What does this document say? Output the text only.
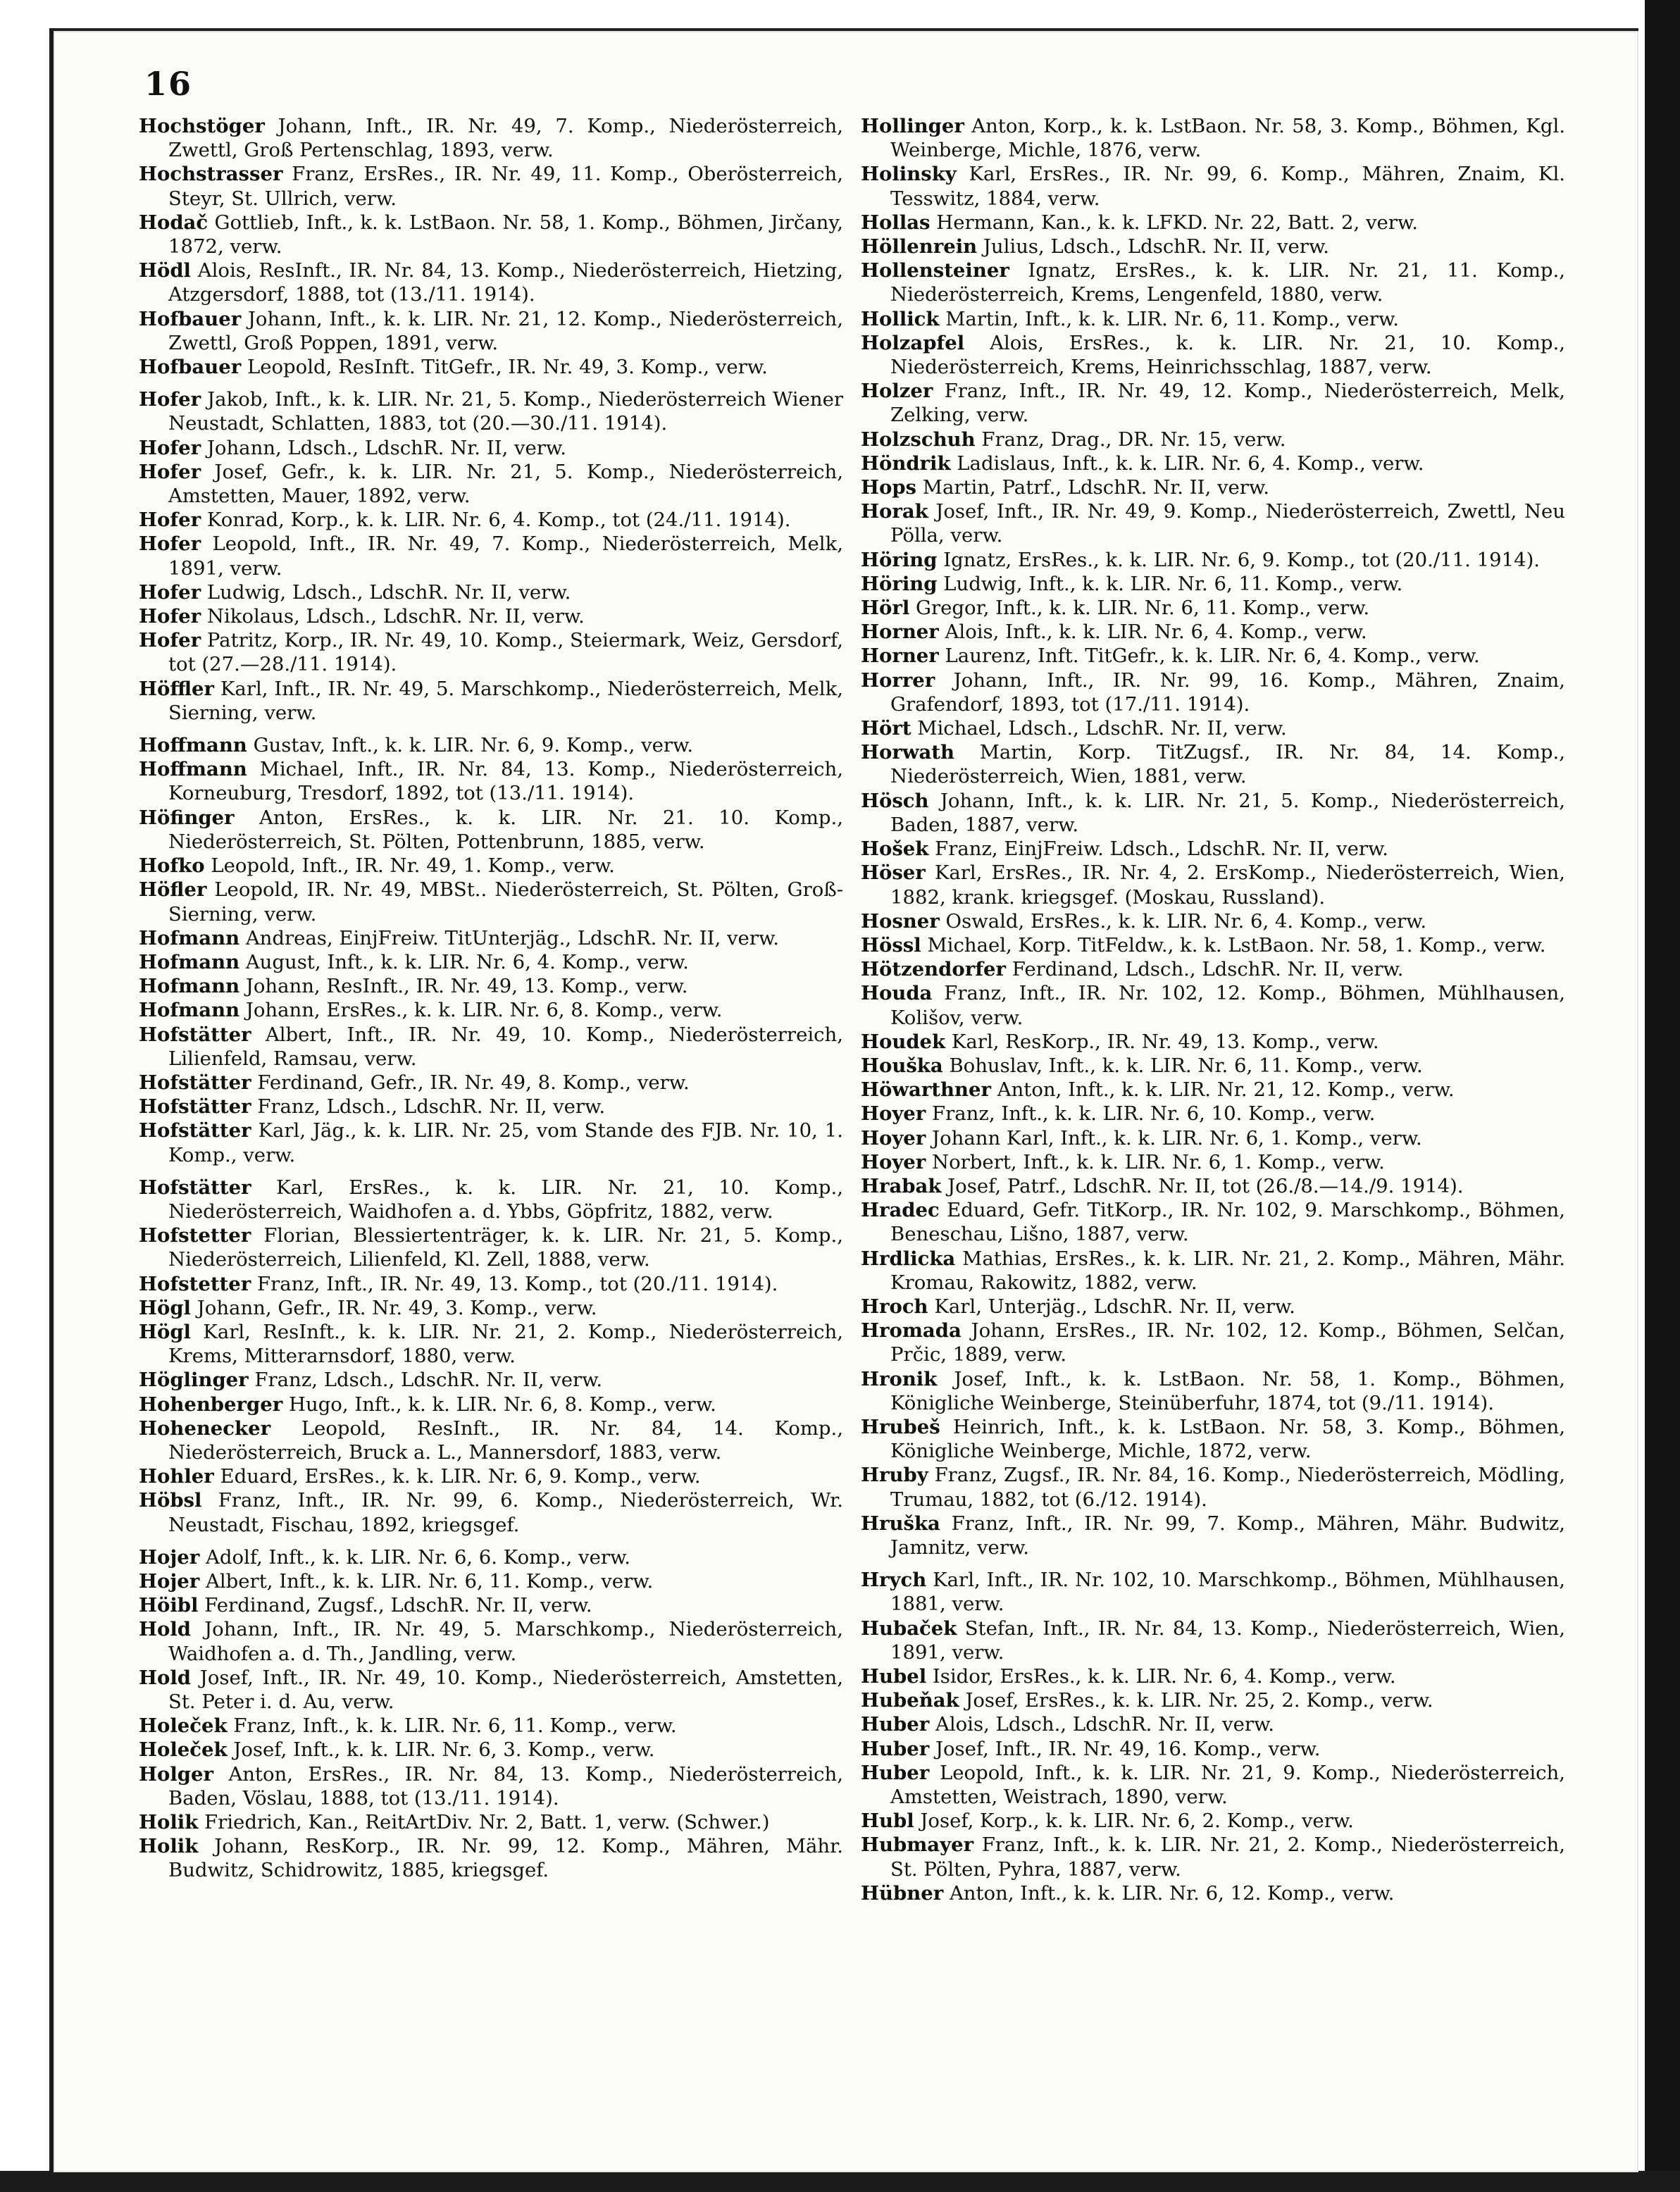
16

Hochstöger Johann, Inft., IR. Nr. 49, 7. Komp., Niederösterreich, Zwettl, Groß Pertenschlag, 1893, verw.

Hochstrasser Franz, ErsRes., IR. Nr. 49, 11. Komp., Oberösterreich, Steyr, St. Ullrich, verw.

Hodač Gottlieb, Inft., k. k. LstBaon. Nr. 58, 1. Komp., Böhmen, Jirčany, 1872, verw.

Hödl Alois, ResInft., IR. Nr. 84, 13. Komp., Niederösterreich, Hietzing, Atzgersdorf, 1888, tot (13./11. 1914).

Hofbauer Johann, Inft., k. k. LIR. Nr. 21, 12. Komp., Niederösterreich, Zwettl, Groß Poppen, 1891, verw.

Hofbauer Leopold, ResInft. TitGefr., IR. Nr. 49, 3. Komp., verw.

Hofer Jakob, Inft., k. k. LIR. Nr. 21, 5. Komp., Niederösterreich Wiener Neustadt, Schlatten, 1883, tot (20.—30./11. 1914).

Hofer Johann, Ldsch., LdschR. Nr. II, verw.

Hofer Josef, Gefr., k. k. LIR. Nr. 21, 5. Komp., Niederösterreich, Amstetten, Mauer, 1892, verw.

Hofer Konrad, Korp., k. k. LIR. Nr. 6, 4. Komp., tot (24./11. 1914).

Hofer Leopold, Inft., IR. Nr. 49, 7. Komp., Niederösterreich, Melk, 1891, verw.

Hofer Ludwig, Ldsch., LdschR. Nr. II, verw.

Hofer Nikolaus, Ldsch., LdschR. Nr. II, verw.

Hofer Patritz, Korp., IR. Nr. 49, 10. Komp., Steiermark, Weiz, Gersdorf, tot (27.—28./11. 1914).

Höffler Karl, Inft., IR. Nr. 49, 5. Marschkomp., Niederösterreich, Melk, Sierning, verw.

Hoffmann Gustav, Inft., k. k. LIR. Nr. 6, 9. Komp., verw.

Hoffmann Michael, Inft., IR. Nr. 84, 13. Komp., Niederösterreich, Korneuburg, Tresdorf, 1892, tot (13./11. 1914).

Höfinger Anton, ErsRes., k. k. LIR. Nr. 21. 10. Komp., Niederösterreich, St. Pölten, Pottenbrunn, 1885, verw.

Hofko Leopold, Inft., IR. Nr. 49, 1. Komp., verw.

Höfler Leopold, IR. Nr. 49, MBSt.. Niederösterreich, St. Pölten, Groß-Sierning, verw.

Hofmann Andreas, EinjFreiw. TitUnterjäg., LdschR. Nr. II, verw.

Hofmann August, Inft., k. k. LIR. Nr. 6, 4. Komp., verw.

Hofmann Johann, ResInft., IR. Nr. 49, 13. Komp., verw.

Hofmann Johann, ErsRes., k. k. LIR. Nr. 6, 8. Komp., verw.

Hofstätter Albert, Inft., IR. Nr. 49, 10. Komp., Niederösterreich, Lilienfeld, Ramsau, verw.

Hofstätter Ferdinand, Gefr., IR. Nr. 49, 8. Komp., verw.

Hofstätter Franz, Ldsch., LdschR. Nr. II, verw.

Hofstätter Karl, Jäg., k. k. LIR. Nr. 25, vom Stande des FJB. Nr. 10, 1. Komp., verw.

Hofstätter Karl, ErsRes., k. k. LIR. Nr. 21, 10. Komp., Niederösterreich, Waidhofen a. d. Ybbs, Göpfritz, 1882, verw.

Hofstetter Florian, Blessiertenträger, k. k. LIR. Nr. 21, 5. Komp., Niederösterreich, Lilienfeld, Kl. Zell, 1888, verw.

Hofstetter Franz, Inft., IR. Nr. 49, 13. Komp., tot (20./11. 1914).

Högl Johann, Gefr., IR. Nr. 49, 3. Komp., verw.

Högl Karl, ResInft., k. k. LIR. Nr. 21, 2. Komp., Niederösterreich, Krems, Mitterarnsdorf, 1880, verw.

Höglinger Franz, Ldsch., LdschR. Nr. II, verw.

Hohenberger Hugo, Inft., k. k. LIR. Nr. 6, 8. Komp., verw.

Hohenecker Leopold, ResInft., IR. Nr. 84, 14. Komp., Niederösterreich, Bruck a. L., Mannersdorf, 1883, verw.

Hohler Eduard, ErsRes., k. k. LIR. Nr. 6, 9. Komp., verw.

Höbsl Franz, Inft., IR. Nr. 99, 6. Komp., Niederösterreich, Wr. Neustadt, Fischau, 1892, kriegsgef.

Hojer Adolf, Inft., k. k. LIR. Nr. 6, 6. Komp., verw.

Hojer Albert, Inft., k. k. LIR. Nr. 6, 11. Komp., verw.

Höibl Ferdinand, Zugsf., LdschR. Nr. II, verw.

Hold Johann, Inft., IR. Nr. 49, 5. Marschkomp., Niederösterreich, Waidhofen a. d. Th., Jandling, verw.

Hold Josef, Inft., IR. Nr. 49, 10. Komp., Niederösterreich, Amstetten, St. Peter i. d. Au, verw.

Holeček Franz, Inft., k. k. LIR. Nr. 6, 11. Komp., verw.

Holeček Josef, Inft., k. k. LIR. Nr. 6, 3. Komp., verw.

Holger Anton, ErsRes., IR. Nr. 84, 13. Komp., Niederösterreich, Baden, Vöslau, 1888, tot (13./11. 1914).

Holik Friedrich, Kan., ReitArtDiv. Nr. 2, Batt. 1, verw. (Schwer.)

Holik Johann, ResKorp., IR. Nr. 99, 12. Komp., Mähren, Mähr. Budwitz, Schidrowitz, 1885, kriegsgef.

Hollinger Anton, Korp., k. k. LstBaon. Nr. 58, 3. Komp., Böhmen, Kgl. Weinberge, Michle, 1876, verw.

Holinsky Karl, ErsRes., IR. Nr. 99, 6. Komp., Mähren, Znaim, Kl. Tesswitz, 1884, verw.

Hollas Hermann, Kan., k. k. LFKD. Nr. 22, Batt. 2, verw.

Höllenrein Julius, Ldsch., LdschR. Nr. II, verw.

Hollensteiner Ignatz, ErsRes., k. k. LIR. Nr. 21, 11. Komp., Niederösterreich, Krems, Lengenfeld, 1880, verw.

Hollick Martin, Inft., k. k. LIR. Nr. 6, 11. Komp., verw.

Holzapfel Alois, ErsRes., k. k. LIR. Nr. 21, 10. Komp., Niederösterreich, Krems, Heinrichsschlag, 1887, verw.

Holzer Franz, Inft., IR. Nr. 49, 12. Komp., Niederösterreich, Melk, Zelking, verw.

Holzschuh Franz, Drag., DR. Nr. 15, verw.

Höndrik Ladislaus, Inft., k. k. LIR. Nr. 6, 4. Komp., verw.

Hops Martin, Patrf., LdschR. Nr. II, verw.

Horak Josef, Inft., IR. Nr. 49, 9. Komp., Niederösterreich, Zwettl, Neu Pölla, verw.

Höring Ignatz, ErsRes., k. k. LIR. Nr. 6, 9. Komp., tot (20./11. 1914).

Höring Ludwig, Inft., k. k. LIR. Nr. 6, 11. Komp., verw.

Hörl Gregor, Inft., k. k. LIR. Nr. 6, 11. Komp., verw.

Horner Alois, Inft., k. k. LIR. Nr. 6, 4. Komp., verw.

Horner Laurenz, Inft. TitGefr., k. k. LIR. Nr. 6, 4. Komp., verw.

Horrer Johann, Inft., IR. Nr. 99, 16. Komp., Mähren, Znaim, Grafendorf, 1893, tot (17./11. 1914).

Hört Michael, Ldsch., LdschR. Nr. II, verw.

Horwath Martin, Korp. TitZugsf., IR. Nr. 84, 14. Komp., Niederösterreich, Wien, 1881, verw.

Hösch Johann, Inft., k. k. LIR. Nr. 21, 5. Komp., Niederösterreich, Baden, 1887, verw.

Hošek Franz, EinjFreiw. Ldsch., LdschR. Nr. II, verw.

Höser Karl, ErsRes., IR. Nr. 4, 2. ErsKomp., Niederösterreich, Wien, 1882, krank. kriegsgef. (Moskau, Russland).

Hosner Oswald, ErsRes., k. k. LIR. Nr. 6, 4. Komp., verw.

Hössl Michael, Korp. TitFeldw., k. k. LstBaon. Nr. 58, 1. Komp., verw.

Hötzendorfer Ferdinand, Ldsch., LdschR. Nr. II, verw.

Houda Franz, Inft., IR. Nr. 102, 12. Komp., Böhmen, Mühlhausen, Kolišov, verw.

Houdek Karl, ResKorp., IR. Nr. 49, 13. Komp., verw.

Houška Bohuslav, Inft., k. k. LIR. Nr. 6, 11. Komp., verw.

Höwarthner Anton, Inft., k. k. LIR. Nr. 21, 12. Komp., verw.

Hoyer Franz, Inft., k. k. LIR. Nr. 6, 10. Komp., verw.

Hoyer Johann Karl, Inft., k. k. LIR. Nr. 6, 1. Komp., verw.

Hoyer Norbert, Inft., k. k. LIR. Nr. 6, 1. Komp., verw.

Hrabak Josef, Patrf., LdschR. Nr. II, tot (26./8.—14./9. 1914).

Hradec Eduard, Gefr. TitKorp., IR. Nr. 102, 9. Marschkomp., Böhmen, Beneschau, Lišno, 1887, verw.

Hrdlicka Mathias, ErsRes., k. k. LIR. Nr. 21, 2. Komp., Mähren, Mähr. Kromau, Rakowitz, 1882, verw.

Hroch Karl, Unterjäg., LdschR. Nr. II, verw.

Hromada Johann, ErsRes., IR. Nr. 102, 12. Komp., Böhmen, Selčan, Prčic, 1889, verw.

Hronik Josef, Inft., k. k. LstBaon. Nr. 58, 1. Komp., Böhmen, Königliche Weinberge, Steinüberfuhr, 1874, tot (9./11. 1914).

Hrubeš Heinrich, Inft., k. k. LstBaon. Nr. 58, 3. Komp., Böhmen, Königliche Weinberge, Michle, 1872, verw.

Hruby Franz, Zugsf., IR. Nr. 84, 16. Komp., Niederösterreich, Mödling, Trumau, 1882, tot (6./12. 1914).

Hruška Franz, Inft., IR. Nr. 99, 7. Komp., Mähren, Mähr. Budwitz, Jamnitz, verw.

Hrych Karl, Inft., IR. Nr. 102, 10. Marschkomp., Böhmen, Mühlhausen, 1881, verw.

Hubaček Stefan, Inft., IR. Nr. 84, 13. Komp., Niederösterreich, Wien, 1891, verw.

Hubel Isidor, ErsRes., k. k. LIR. Nr. 6, 4. Komp., verw.

Hubeňak Josef, ErsRes., k. k. LIR. Nr. 25, 2. Komp., verw.

Huber Alois, Ldsch., LdschR. Nr. II, verw.

Huber Josef, Inft., IR. Nr. 49, 16. Komp., verw.

Huber Leopold, Inft., k. k. LIR. Nr. 21, 9. Komp., Niederösterreich, Amstetten, Weistrach, 1890, verw.

Hubl Josef, Korp., k. k. LIR. Nr. 6, 2. Komp., verw.

Hubmayer Franz, Inft., k. k. LIR. Nr. 21, 2. Komp., Niederösterreich, St. Pölten, Pyhra, 1887, verw.

Hübner Anton, Inft., k. k. LIR. Nr. 6, 12. Komp., verw.
